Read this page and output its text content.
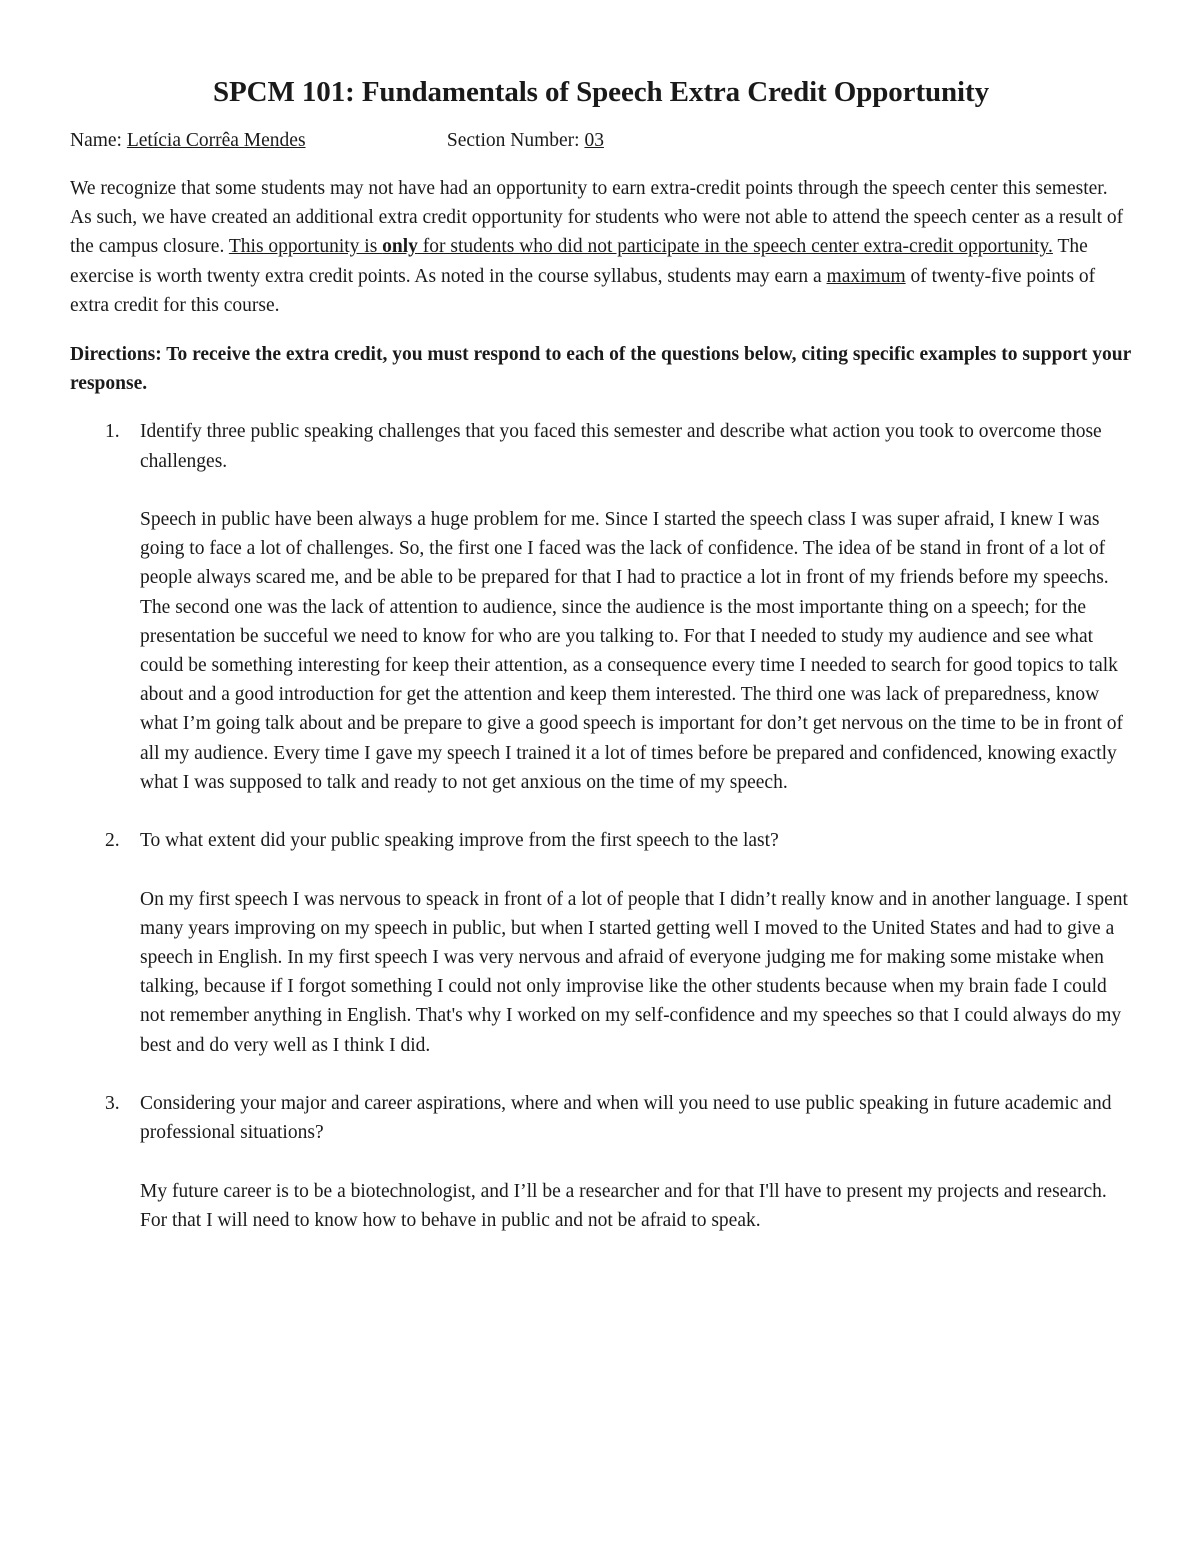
SPCM 101: Fundamentals of Speech Extra Credit Opportunity
Name: Letícia Corrêa Mendes	Section Number: 03

We recognize that some students may not have had an opportunity to earn extra-credit points through the speech center this semester. As such, we have created an additional extra credit opportunity for students who were not able to attend the speech center as a result of the campus closure. This opportunity is only for students who did not participate in the speech center extra-credit opportunity. The exercise is worth twenty extra credit points. As noted in the course syllabus, students may earn a maximum of twenty-five points of extra credit for this course.

Directions: To receive the extra credit, you must respond to each of the questions below, citing specific examples to support your response.

1. Identify three public speaking challenges that you faced this semester and describe what action you took to overcome those challenges.
Speech in public have been always a huge problem for me. Since I started the speech class I was super afraid, I knew I was going to face a lot of challenges. So, the first one I faced was the lack of confidence. The idea of be stand in front of a lot of people always scared me, and be able to be prepared for that I had to practice a lot in front of my friends before my speechs. The second one was the lack of attention to audience, since the audience is the most importante thing on a speech; for the presentation be succeful we need to know for who are you talking to. For that I needed to study my audience and see what could be something interesting for keep their attention, as a consequence every time I needed to search for good topics to talk about and a good introduction for get the attention and keep them interested. The third one was lack of preparedness, know what I’m going talk about and be prepare to give a good speech is important for don’t get nervous on the time to be in front of all my audience. Every time I gave my speech I trained it a lot of times before be prepared and confidenced, knowing exactly what I was supposed to talk and ready to not get anxious on the time of my speech.
2. To what extent did your public speaking improve from the first speech to the last?
On my first speech I was nervous to speack in front of a lot of people that I didn’t really know and in another language. I spent many years improving on my speech in public, but when I started getting well I moved to the United States and had to give a speech in English. In my first speech I was very nervous and afraid of everyone judging me for making some mistake when talking, because if I forgot something I could not only improvise like the other students because when my brain fade I could not remember anything in English. That's why I worked on my self-confidence and my speeches so that I could always do my best and do very well as I think I did.
3. Considering your major and career aspirations, where and when will you need to use public speaking in future academic and professional situations?
My future career is to be a biotechnologist, and I’ll be a researcher and for that I'll have to present my projects and research. For that I will need to know how to behave in public and not be afraid to speak.
